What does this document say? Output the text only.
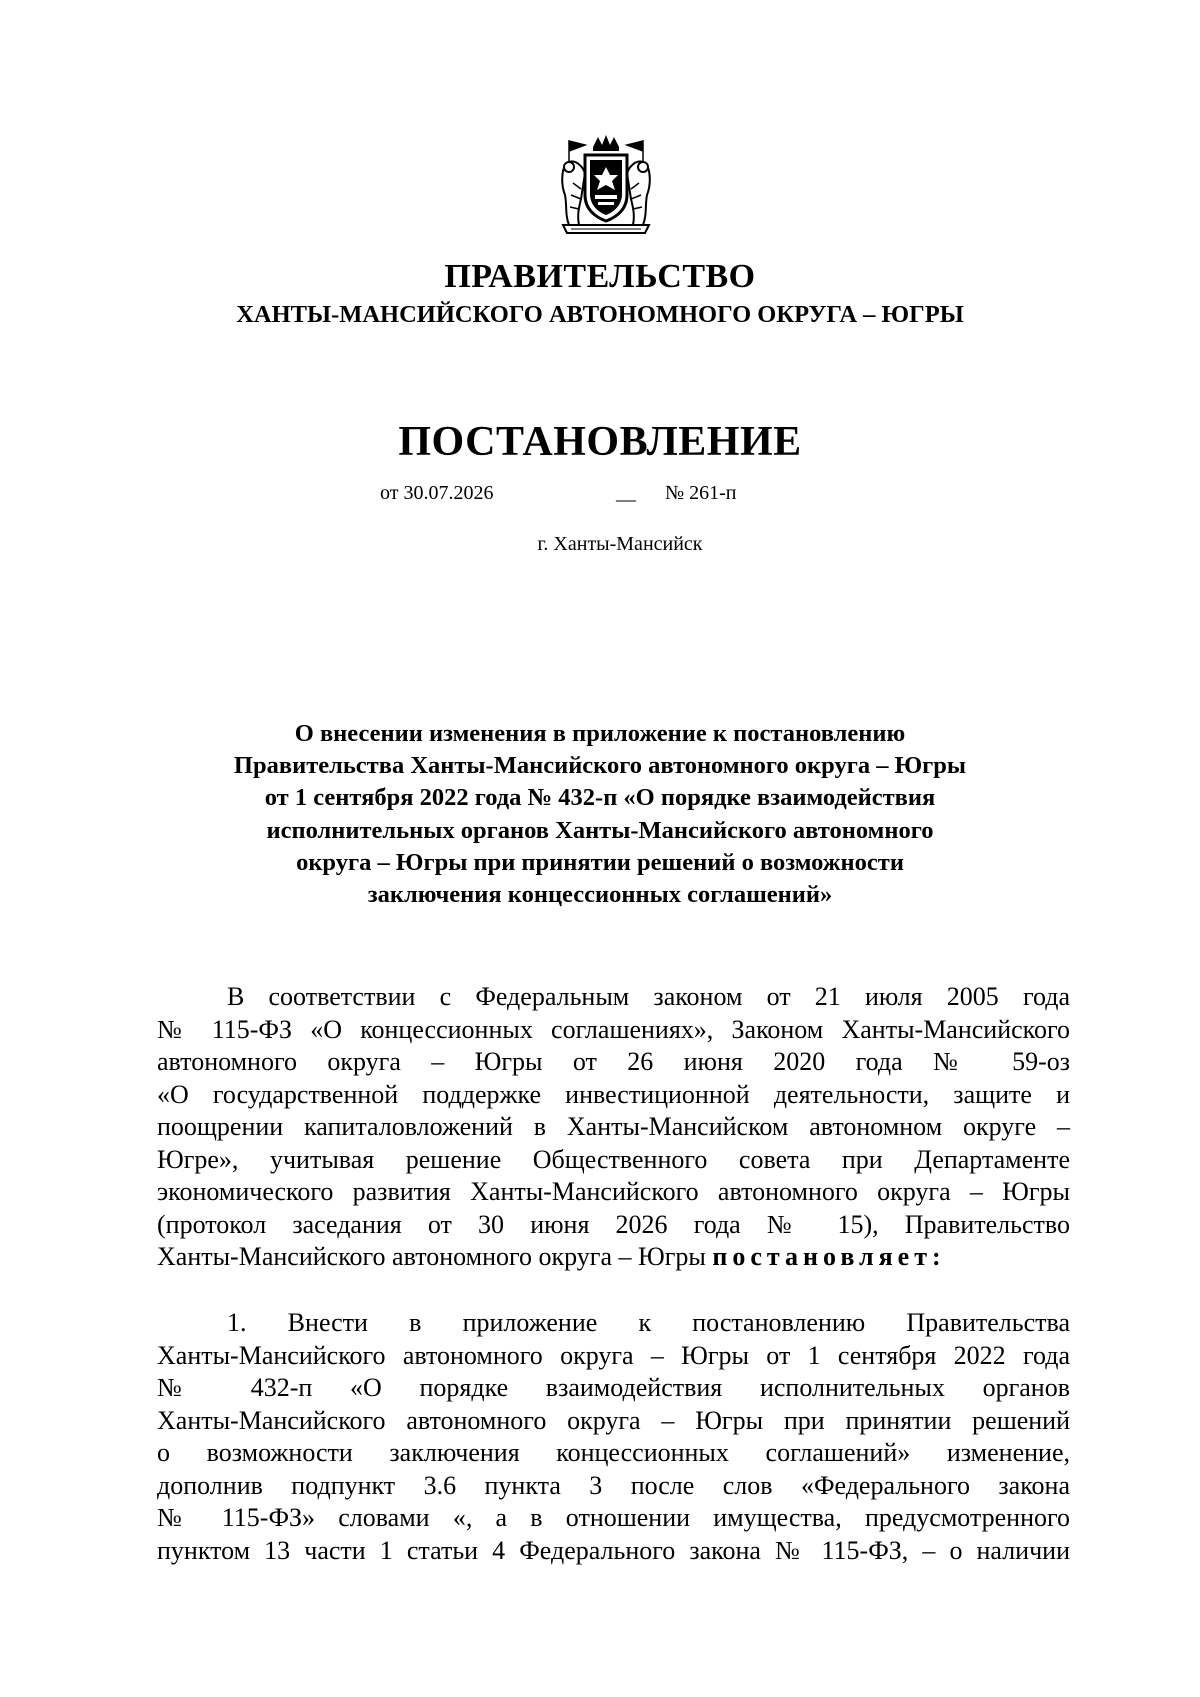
ПРАВИТЕЛЬСТВО
ХАНТЫ-МАНСИЙСКОГО АВТОНОМНОГО ОКРУГА – ЮГРЫ
ПОСТАНОВЛЕНИЕ
от 30.07.2026	__ № 261-п
г. Ханты-Мансийск
О внесении изменения в приложение к постановлению
Правительства Ханты-Мансийского автономного округа – Югры
от 1 сентября 2022 года № 432-п «О порядке взаимодействия
исполнительных органов Ханты-Мансийского автономного
округа – Югры при принятии решений о возможности
заключения концессионных соглашений»
В соответствии с Федеральным законом от 21 июля 2005 года
№ 115-ФЗ «О концессионных соглашениях», Законом Ханты-Мансийского
автономного округа – Югры от 26 июня 2020 года № 59-оз
«О государственной поддержке инвестиционной деятельности, защите и
поощрении капиталовложений в Ханты-Мансийском автономном округе –
Югре», учитывая решение Общественного совета при Департаменте
экономического развития Ханты-Мансийского автономного округа – Югры
(протокол заседания от 30 июня 2026 года № 15), Правительство
Ханты-Мансийского автономного округа – Югры постановляет:
1. Внести в приложение к постановлению Правительства
Ханты-Мансийского автономного округа – Югры от 1 сентября 2022 года
№ 432-п «О порядке взаимодействия исполнительных органов
Ханты-Мансийского автономного округа – Югры при принятии решений
о возможности заключения концессионных соглашений» изменение,
дополнив подпункт 3.6 пункта 3 после слов «Федерального закона
№ 115-ФЗ» словами «, а в отношении имущества, предусмотренного
пунктом 13 части 1 статьи 4 Федерального закона № 115-ФЗ, – о наличии
